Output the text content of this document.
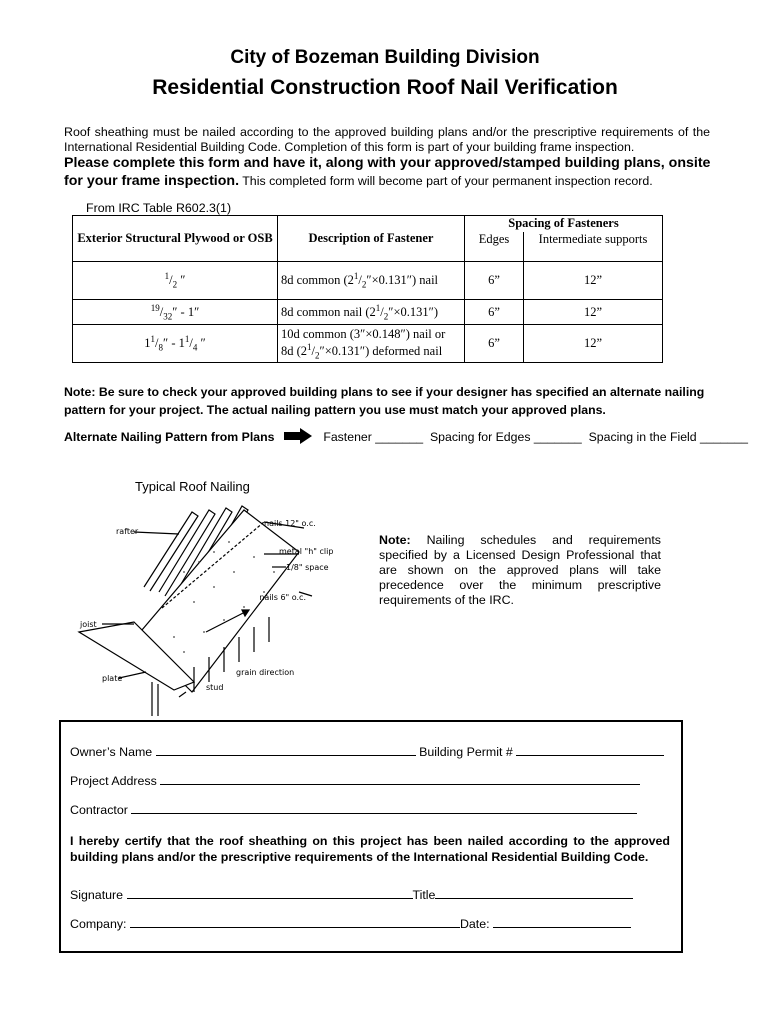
City of Bozeman Building Division
Residential Construction Roof Nail Verification
Roof sheathing must be nailed according to the approved building plans and/or the prescriptive requirements of the International Residential Building Code. Completion of this form is part of your building frame inspection.
Please complete this form and have it, along with your approved/stamped building plans, onsite for your frame inspection. This completed form will become part of your permanent inspection record.
From IRC Table R602.3(1)
Exterior Structural Plywood or OSB	Description of Fastener	Spacing of Fasteners	
		Edges	Intermediate supports
$^1/_2$ ″	8d common $(2^1/_2''\times 0.131'')$ nail	6”	12”
$^{19}/_{32}'' - 1''$	8d common nail $(2^1/_2''\times 0.131'')$	6”	12”
$1^1/_8'' - 1^1/_4$ ″	10d common (3″×0.148″) nail or
8d $(2^1/_2''\times 0.131'')$ deformed nail	6”	12”
Note: Be sure to check your approved building plans to see if your designer has specified an alternate nailing pattern for your project. The actual nailing pattern you use must match your approved plans.
Alternate Nailing Pattern from Plans	Fastener _______ Spacing for Edges _______ Spacing in the Field _______
Typical Roof Nailing
rafter
nails 12" o.c.
metal "h" clip
1/8" space
nails 6" o.c.
joist
grain direction
plate
stud
Note: Nailing schedules and requirements specified by a Licensed Design Professional that are shown on the approved plans will take precedence over the minimum prescriptive requirements of the IRC.
Owner’s Name	Building Permit #
Project Address
Contractor
I hereby certify that the roof sheathing on this project has been nailed according to the approved building plans and/or the prescriptive requirements of the International Residential Building Code.
Signature	Title
Company:	Date:
